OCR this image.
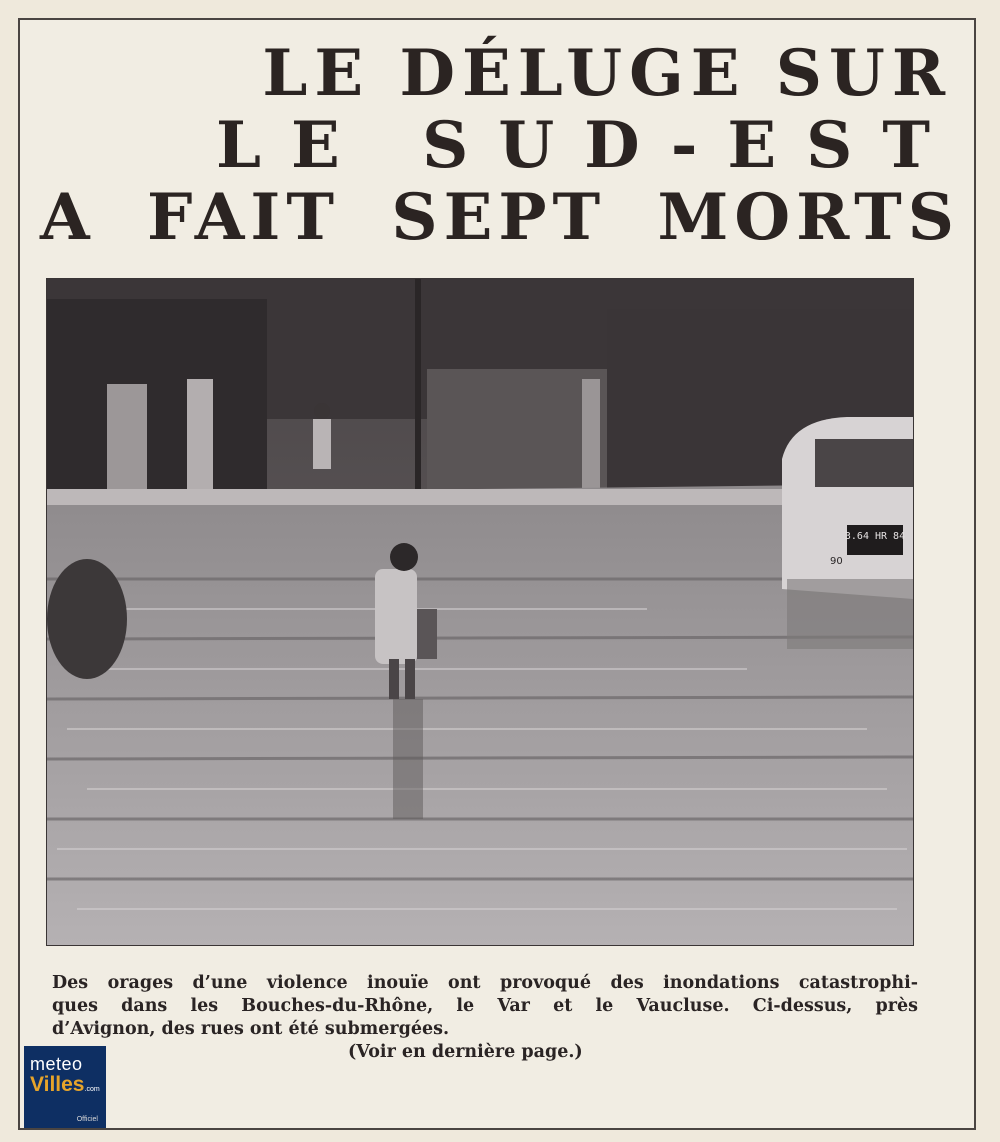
LE DÉLUGE SUR
LE SUD-EST
A FAIT SEPT MORTS
3.64 HR 84
90
Des orages d’une violence inouïe ont provoqué des inondations catastrophi-
ques dans les Bouches-du-Rhône, le Var et le Vaucluse. Ci-dessus, près
d’Avignon, des rues ont été submergées.
(Voir en dernière page.)
meteo
Villes.com
Officiel
